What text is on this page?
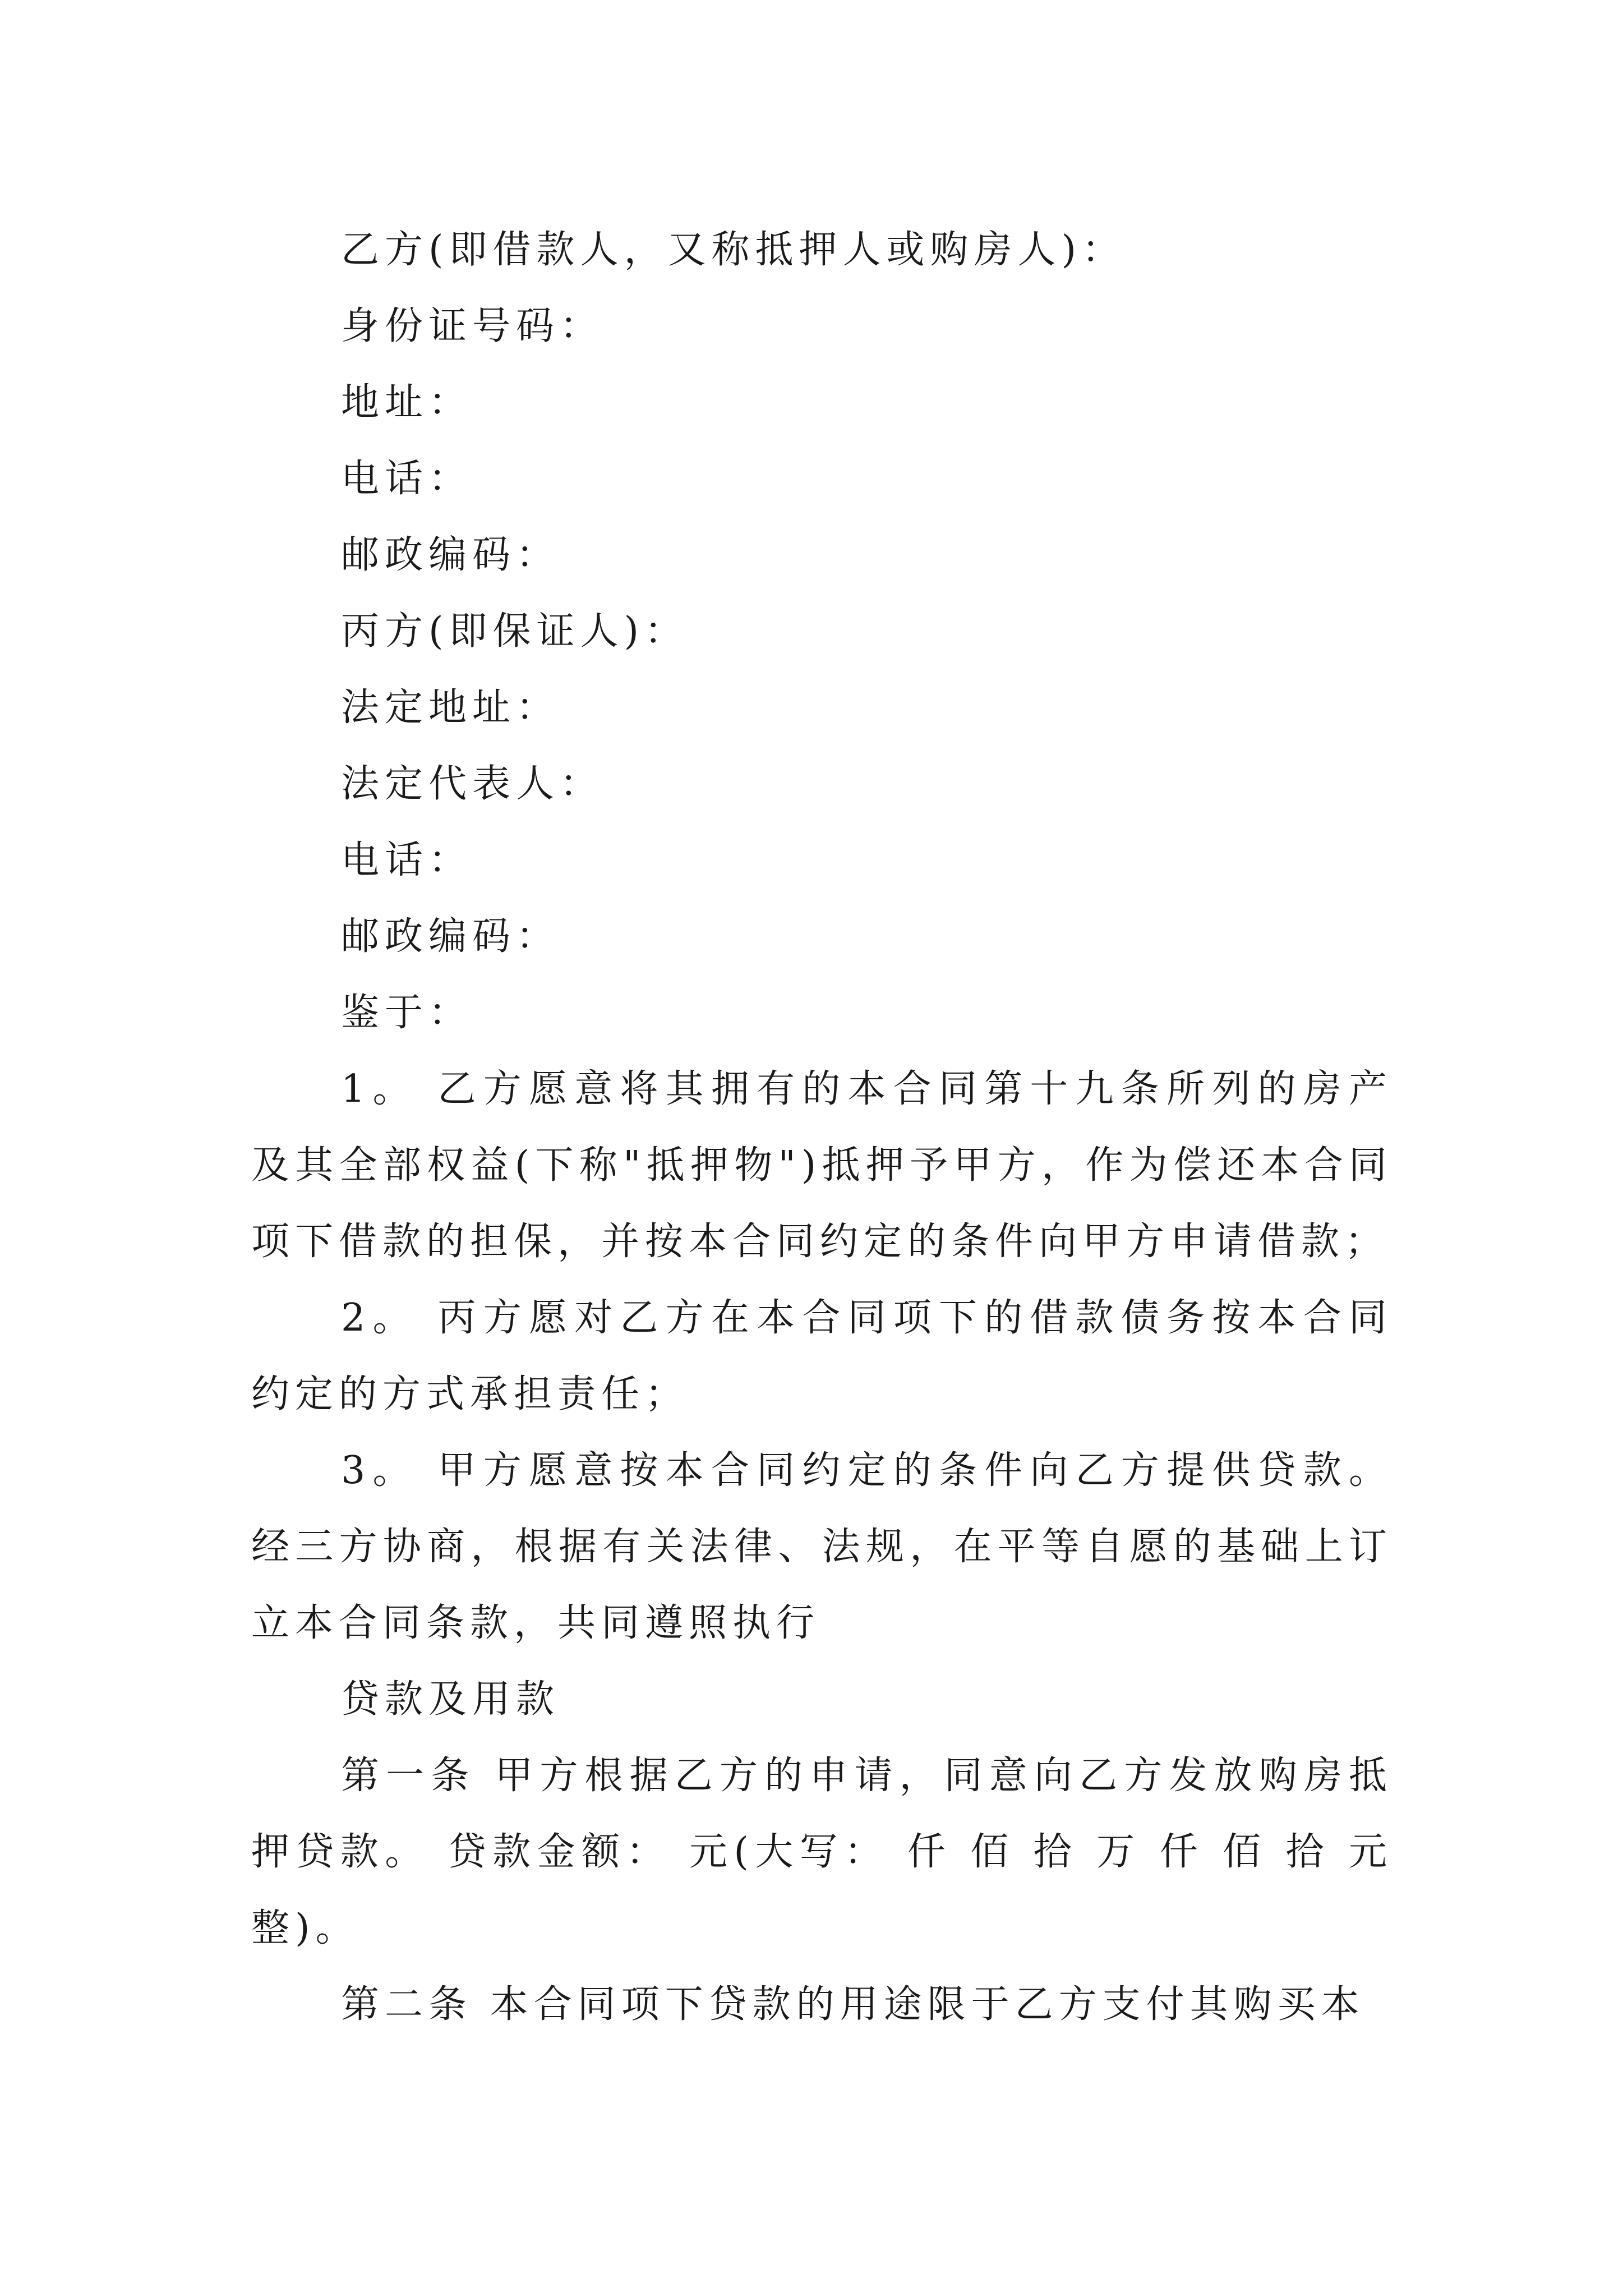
乙方(即借款人，又称抵押人或购房人)：

身份证号码：

地址：

电话：

邮政编码：

丙方(即保证人)：

法定地址：

法定代表人：

电话：

邮政编码：

鉴于：

1。 乙方愿意将其拥有的本合同第十九条所列的房产及其全部权益(下称"抵押物")抵押予甲方，作为偿还本合同项下借款的担保，并按本合同约定的条件向甲方申请借款；

2。 丙方愿对乙方在本合同项下的借款债务按本合同约定的方式承担责任；

3。 甲方愿意按本合同约定的条件向乙方提供贷款。经三方协商，根据有关法律、法规，在平等自愿的基础上订立本合同条款，共同遵照执行

贷款及用款

第一条 甲方根据乙方的申请，同意向乙方发放购房抵押贷款。 贷款金额： 元(大写： 仟 佰 拾 万 仟 佰 拾 元整)。

第二条 本合同项下贷款的用途限于乙方支付其购买本
